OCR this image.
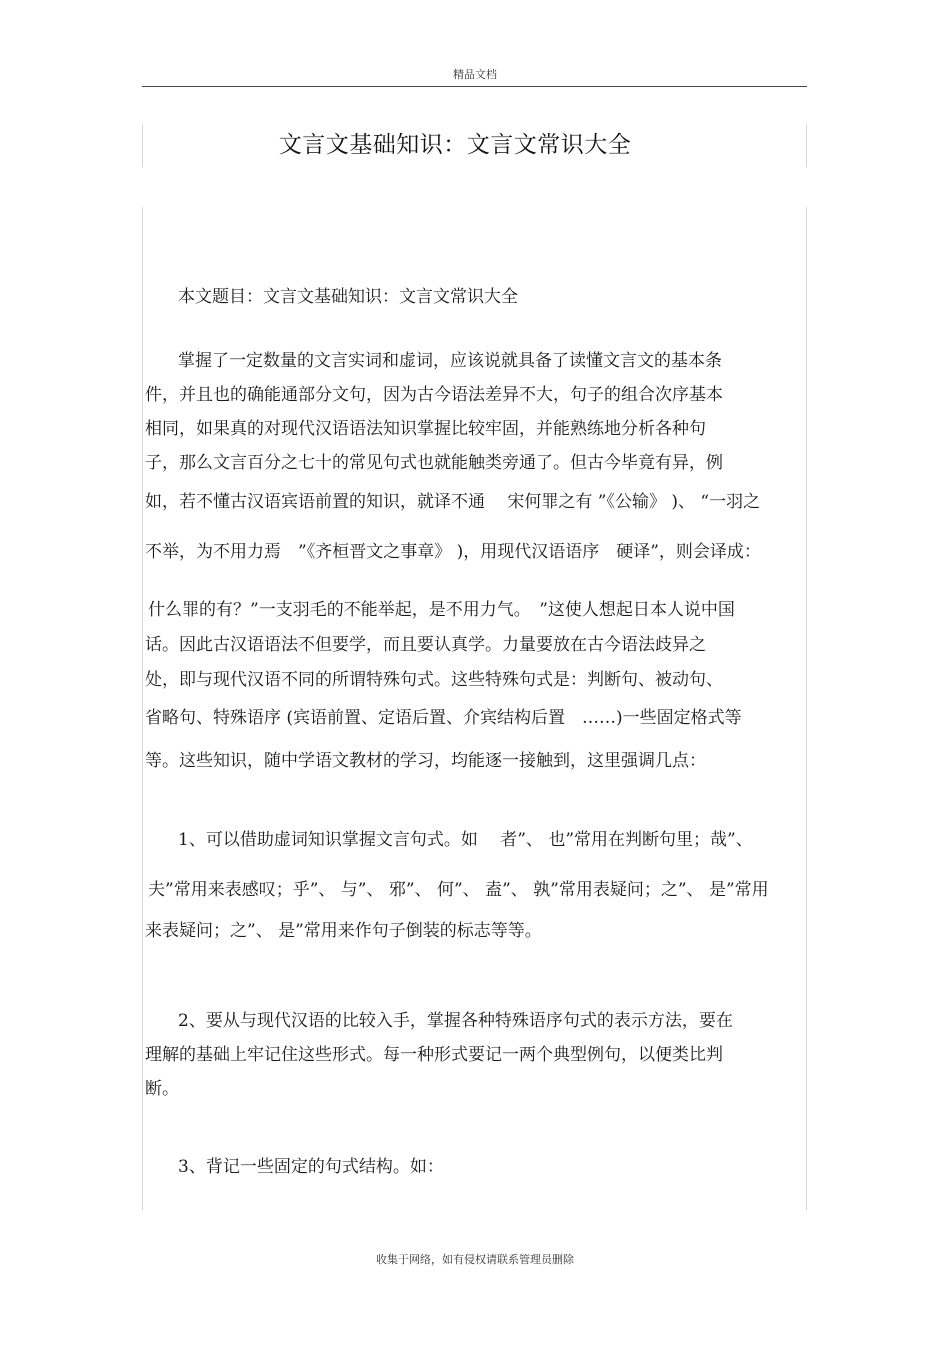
精品文档
文言文基础知识：文言文常识大全
本文题目：文言文基础知识：文言文常识大全
掌握了一定数量的文言实词和虚词，应该说就具备了读懂文言文的基本条
件，并且也的确能通部分文句，因为古今语法差异不大，句子的组合次序基本
相同，如果真的对现代汉语语法知识掌握比较牢固，并能熟练地分析各种句
子，那么文言百分之七十的常见句式也就能触类旁通了。但古今毕竟有异，例
如，若不懂古汉语宾语前置的知识，就译不通　 宋何罪之有 ”《公输》 )、 “一羽之
不举，为不用力焉　”《齐桓晋文之事章》 )，用现代汉语语序　硬译”，则会译成：
什么罪的有？”一支羽毛的不能举起，是不用力气。　”这使人想起日本人说中国
话。因此古汉语语法不但要学，而且要认真学。力量要放在古今语法歧异之
处，即与现代汉语不同的所谓特殊句式。这些特殊句式是：判断句、被动句、
省略句、特殊语序 (宾语前置、定语后置、介宾结构后置　……)一些固定格式等
等。这些知识，随中学语文教材的学习，均能逐一接触到，这里强调几点：
1、可以借助虚词知识掌握文言句式。如　 者”、 也”常用在判断句里；哉”、
夫”常用来表感叹；乎”、 与”、 邪”、 何”、 盍”、 孰”常用表疑问；之”、 是”常用
来表疑问；之”、 是”常用来作句子倒装的标志等等。
2、要从与现代汉语的比较入手，掌握各种特殊语序句式的表示方法，要在
理解的基础上牢记住这些形式。每一种形式要记一两个典型例句，以便类比判
断。
3、背记一些固定的句式结构。如：
收集于网络，如有侵权请联系管理员删除
